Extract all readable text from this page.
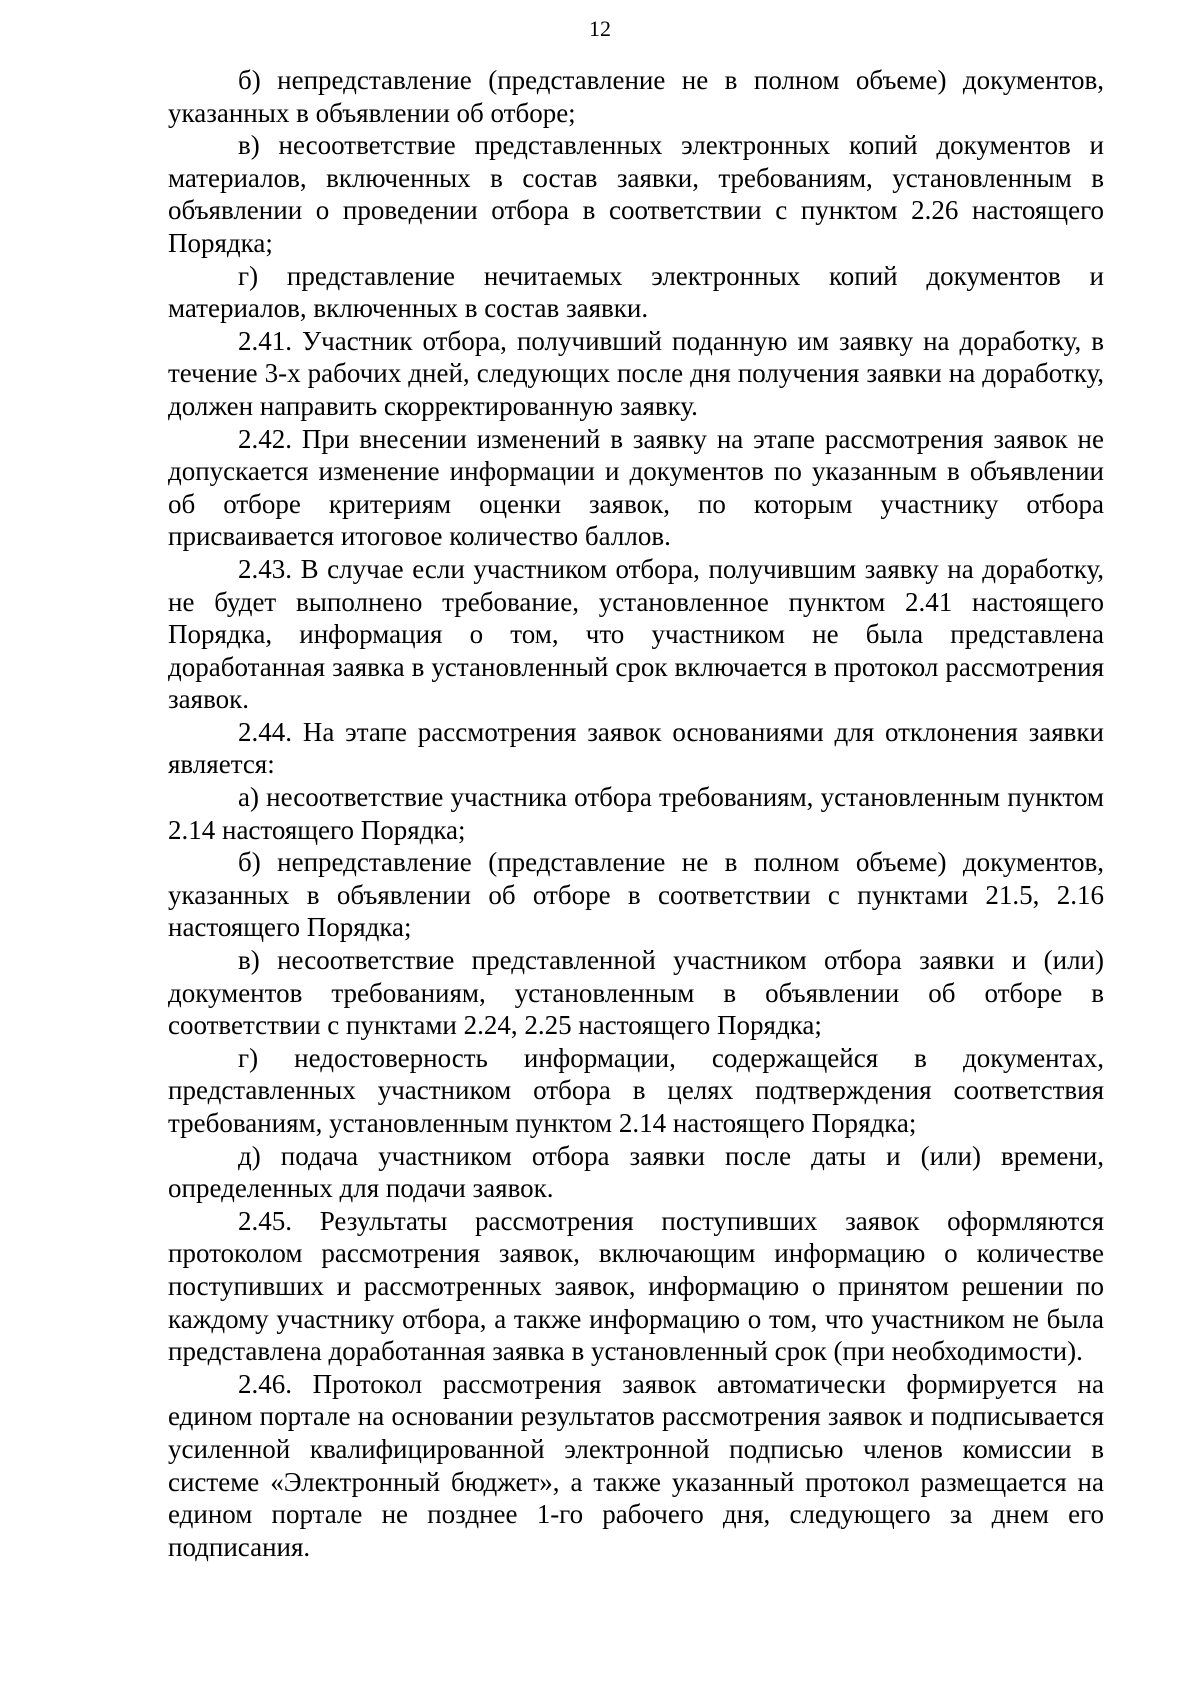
12

б) непредставление (представление не в полном объеме) документов, указанных в объявлении об отборе;

в) несоответствие представленных электронных копий документов и материалов, включенных в состав заявки, требованиям, установленным в объявлении о проведении отбора в соответствии с пунктом 2.26 настоящего Порядка;

г) представление нечитаемых электронных копий документов и материалов, включенных в состав заявки.

2.41. Участник отбора, получивший поданную им заявку на доработку, в течение 3-х рабочих дней, следующих после дня получения заявки на доработку, должен направить скорректированную заявку.

2.42. При внесении изменений в заявку на этапе рассмотрения заявок не допускается изменение информации и документов по указанным в объявлении об отборе критериям оценки заявок, по которым участнику отбора присваивается итоговое количество баллов.

2.43. В случае если участником отбора, получившим заявку на доработку, не будет выполнено требование, установленное пунктом 2.41 настоящего Порядка, информация о том, что участником не была представлена доработанная заявка в установленный срок включается в протокол рассмотрения заявок.

2.44. На этапе рассмотрения заявок основаниями для отклонения заявки является:

а) несоответствие участника отбора требованиям, установленным пунктом 2.14 настоящего Порядка;

б) непредставление (представление не в полном объеме) документов, указанных в объявлении об отборе в соответствии с пунктами 21.5, 2.16 настоящего Порядка;

в) несоответствие представленной участником отбора заявки и (или) документов требованиям, установленным в объявлении об отборе в соответствии с пунктами 2.24, 2.25 настоящего Порядка;

г) недостоверность информации, содержащейся в документах, представленных участником отбора в целях подтверждения соответствия требованиям, установленным пунктом 2.14 настоящего Порядка;

д) подача участником отбора заявки после даты и (или) времени, определенных для подачи заявок.

2.45. Результаты рассмотрения поступивших заявок оформляются протоколом рассмотрения заявок, включающим информацию о количестве поступивших и рассмотренных заявок, информацию о принятом решении по каждому участнику отбора, а также информацию о том, что участником не была представлена доработанная заявка в установленный срок (при необходимости).

2.46. Протокол рассмотрения заявок автоматически формируется на едином портале на основании результатов рассмотрения заявок и подписывается усиленной квалифицированной электронной подписью членов комиссии в системе «Электронный бюджет», а также указанный протокол размещается на едином портале не позднее 1-го рабочего дня, следующего за днем его подписания.
